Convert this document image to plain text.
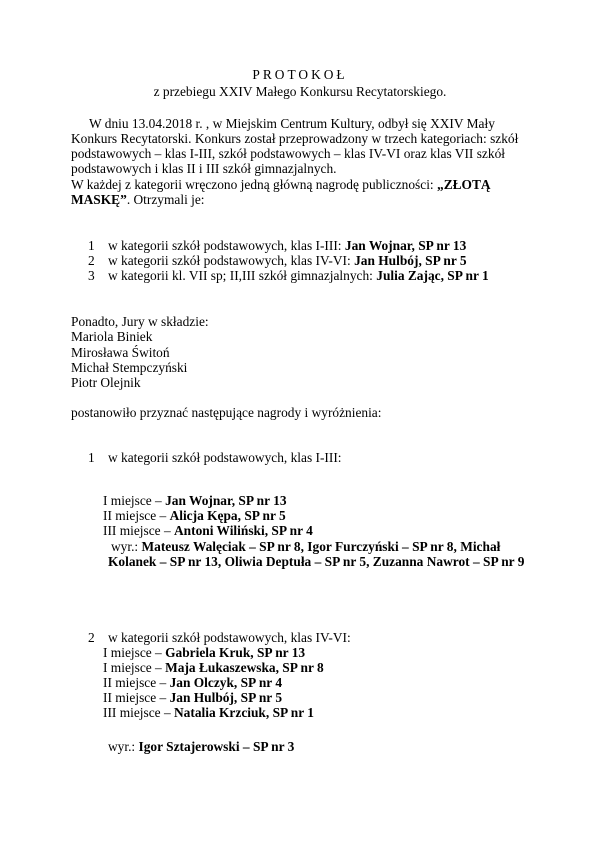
PROTOKOŁ
z przebiegu XXIV Małego Konkursu Recytatorskiego.
W dniu 13.04.2018 r. , w Miejskim Centrum Kultury, odbył się XXIV Mały
Konkurs Recytatorski. Konkurs został przeprowadzony w trzech kategoriach: szkół
podstawowych – klas I-III, szkół podstawowych – klas IV-VI oraz klas VII szkół
podstawowych i klas II i III szkół gimnazjalnych.
W każdej z kategorii wręczono jedną główną nagrodę publiczności: „ZŁOTĄ
MASKĘ”. Otrzymali je:
1 w kategorii szkół podstawowych, klas I-III: Jan Wojnar, SP nr 13
2 w kategorii szkół podstawowych, klas IV-VI: Jan Hulbój, SP nr 5
3 w kategorii kl. VII sp; II,III szkół gimnazjalnych: Julia Zając, SP nr 1
Ponadto, Jury w składzie:
Mariola Biniek
Mirosława Świtoń
Michał Stempczyński
Piotr Olejnik
postanowiło przyznać następujące nagrody i wyróżnienia:
1 w kategorii szkół podstawowych, klas I-III:
I miejsce – Jan Wojnar, SP nr 13
II miejsce – Alicja Kępa, SP nr 5
III miejsce – Antoni Wiliński, SP nr 4
wyr.: Mateusz Walęciak – SP nr 8, Igor Furczyński – SP nr 8, Michał
Kolanek – SP nr 13, Oliwia Deptuła – SP nr 5, Zuzanna Nawrot – SP nr 9
2 w kategorii szkół podstawowych, klas IV-VI:
I miejsce – Gabriela Kruk, SP nr 13
I miejsce – Maja Łukaszewska, SP nr 8
II miejsce – Jan Olczyk, SP nr 4
II miejsce – Jan Hulbój, SP nr 5
III miejsce – Natalia Krzciuk, SP nr 1
wyr.: Igor Sztajerowski – SP nr 3
